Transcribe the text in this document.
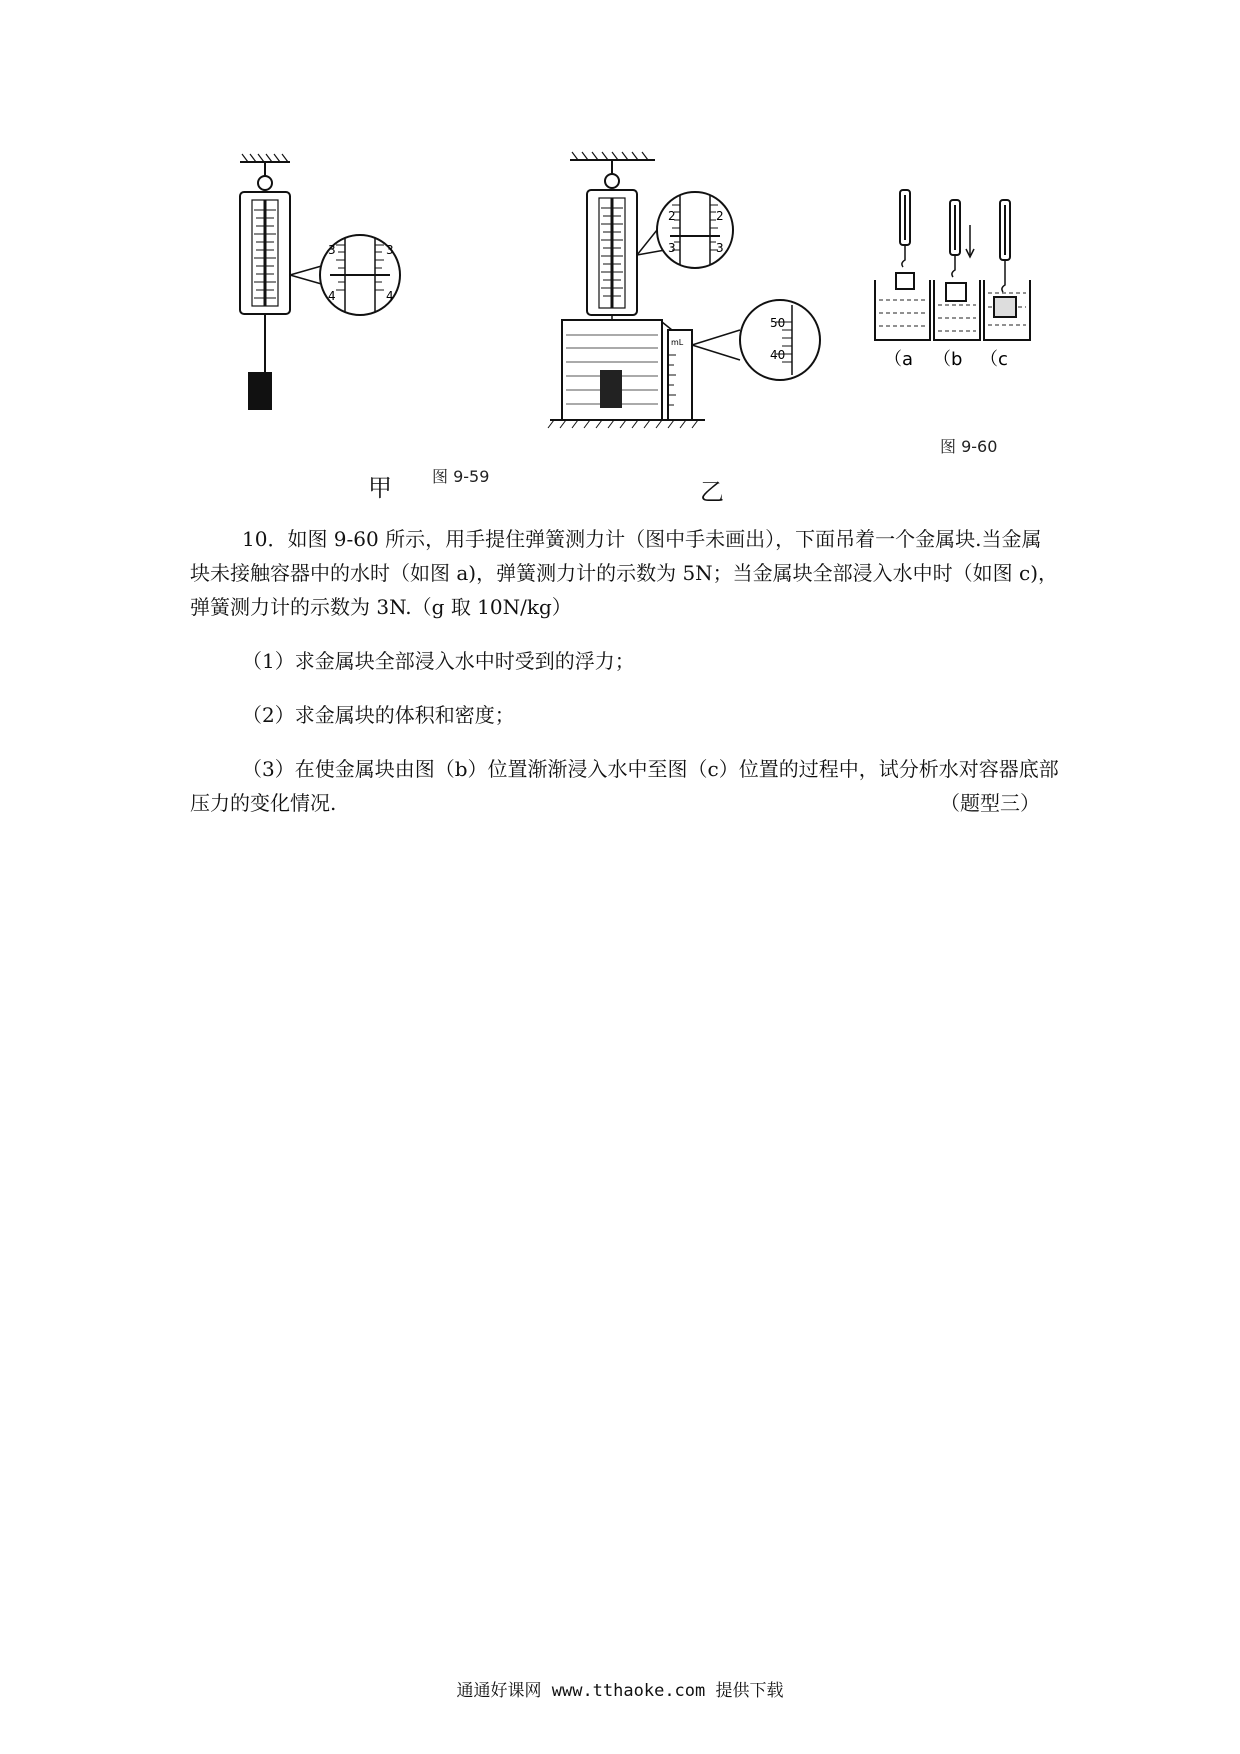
3	3
4	4
甲	图 9-59
2	2
3	3
mL
50
40
乙
（a （b （c
图 9-60

10．如图 9-60 所示，用手提住弹簧测力计（图中手未画出），下面吊着一个金属块.当金属块未接触容器中的水时（如图 a)，弹簧测力计的示数为 5N；当金属块全部浸入水中时（如图 c)，弹簧测力计的示数为 3N.（g 取 10N/kg）

（1）求金属块全部浸入水中时受到的浮力；

（2）求金属块的体积和密度；

（3）在使金属块由图（b）位置渐渐浸入水中至图（c）位置的过程中，试分析水对容器底部压力的变化情况.	（题型三）

通通好课网 www.tthaoke.com 提供下载
